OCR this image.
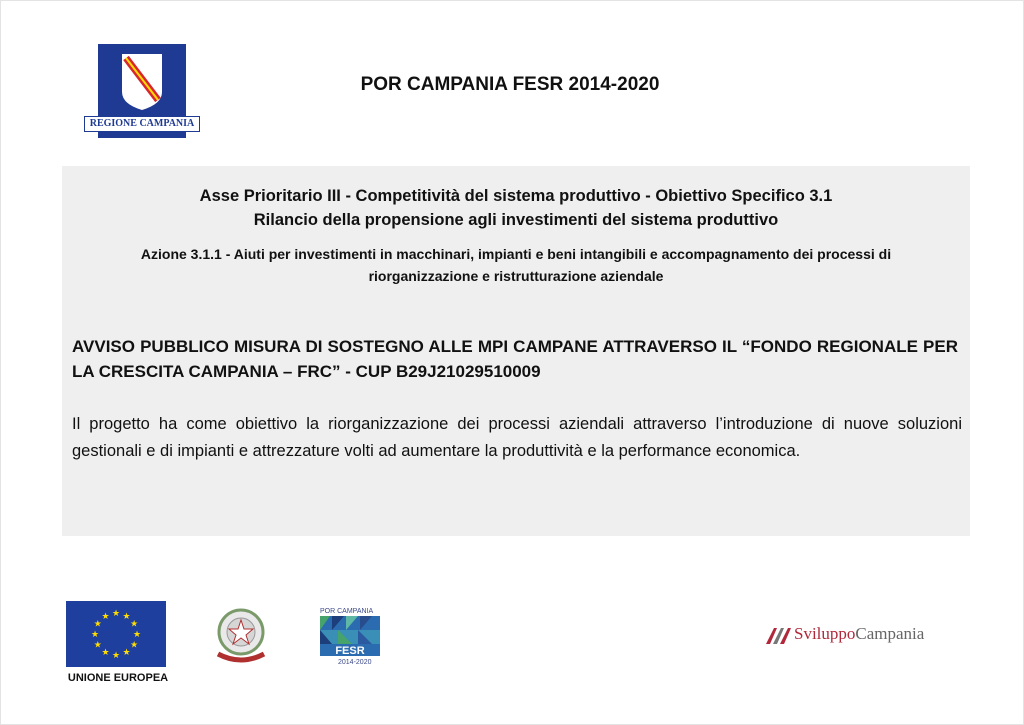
REGIONE CAMPANIA
POR CAMPANIA FESR 2014-2020
Asse Prioritario III - Competitività del sistema produttivo - Obiettivo Specifico 3.1
Rilancio della propensione agli investimenti del sistema produttivo
Azione 3.1.1 - Aiuti per investimenti in macchinari, impianti e beni intangibili e accompagnamento dei processi di riorganizzazione e ristrutturazione aziendale
AVVISO PUBBLICO MISURA DI SOSTEGNO ALLE MPI CAMPANE ATTRAVERSO IL “FONDO REGIONALE PER LA CRESCITA CAMPANIA – FRC” - CUP B29J21029510009
Il progetto ha come obiettivo la riorganizzazione dei processi aziendali attraverso l’introduzione di nuove soluzioni gestionali e di impianti e attrezzature volti ad aumentare la produttività e la performance economica.
★ ★
★
★
★
★
★
★
★
★
★
★
UNIONE EUROPEA
POR CAMPANIA
FESR
2014-2020
SviluppoCampania
